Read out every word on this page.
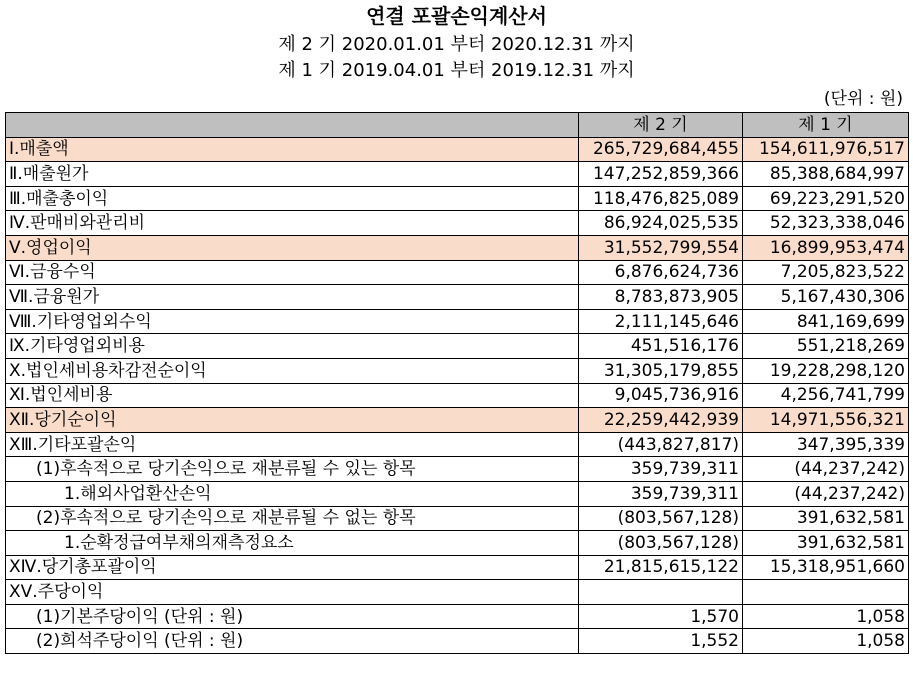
연결 포괄손익계산서
제 2 기 2020.01.01 부터 2020.12.31 까지
제 1 기 2019.04.01 부터 2019.12.31 까지
(단위 : 원)
	제 2 기	제 1 기
Ⅰ.매출액	265,729,684,455	154,611,976,517
Ⅱ.매출원가	147,252,859,366	85,388,684,997
Ⅲ.매출총이익	118,476,825,089	69,223,291,520
Ⅳ.판매비와관리비	86,924,025,535	52,323,338,046
Ⅴ.영업이익	31,552,799,554	16,899,953,474
Ⅵ.금융수익	6,876,624,736	7,205,823,522
Ⅶ.금융원가	8,783,873,905	5,167,430,306
Ⅷ.기타영업외수익	2,111,145,646	841,169,699
Ⅸ.기타영업외비용	451,516,176	551,218,269
Ⅹ.법인세비용차감전순이익	31,305,179,855	19,228,298,120
Ⅺ.법인세비용	9,045,736,916	4,256,741,799
ⅩⅡ.당기순이익	22,259,442,939	14,971,556,321
ⅩⅢ.기타포괄손익	(443,827,817)	347,395,339
(1)후속적으로 당기손익으로 재분류될 수 있는 항목	359,739,311	(44,237,242)
1.해외사업환산손익	359,739,311	(44,237,242)
(2)후속적으로 당기손익으로 재분류될 수 없는 항목	(803,567,128)	391,632,581
1.순확정급여부채의재측정요소	(803,567,128)	391,632,581
ⅩⅣ.당기총포괄이익	21,815,615,122	15,318,951,660
ⅩⅤ.주당이익		
(1)기본주당이익 (단위 : 원)	1,570	1,058
(2)희석주당이익 (단위 : 원)	1,552	1,058
